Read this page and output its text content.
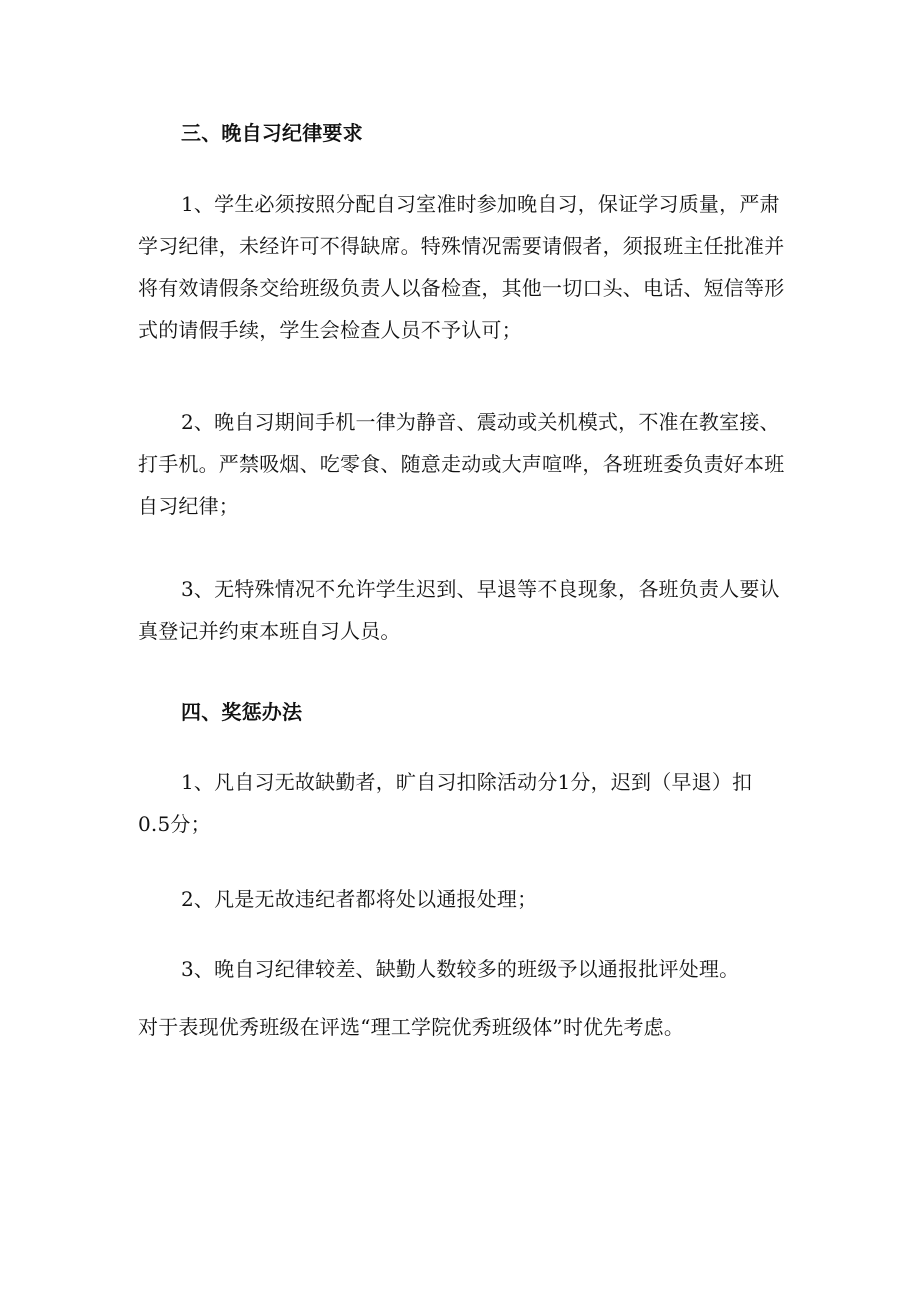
三、晚自习纪律要求

1、学生必须按照分配自习室准时参加晚自习，保证学习质量，严肃
学习纪律，未经许可不得缺席。特殊情况需要请假者，须报班主任批准并
将有效请假条交给班级负责人以备检查，其他一切口头、电话、短信等形
式的请假手续，学生会检查人员不予认可；
2、晚自习期间手机一律为静音、震动或关机模式，不准在教室接、
打手机。严禁吸烟、吃零食、随意走动或大声喧哗，各班班委负责好本班
自习纪律；
3、无特殊情况不允许学生迟到、早退等不良现象，各班负责人要认
真登记并约束本班自习人员。

四、奖惩办法

1、凡自习无故缺勤者，旷自习扣除活动分1分，迟到（早退）扣
0.5分；
2、凡是无故违纪者都将处以通报处理；
3、晚自习纪律较差、缺勤人数较多的班级予以通报批评处理。

对于表现优秀班级在评选“理工学院优秀班级体”时优先考虑。
